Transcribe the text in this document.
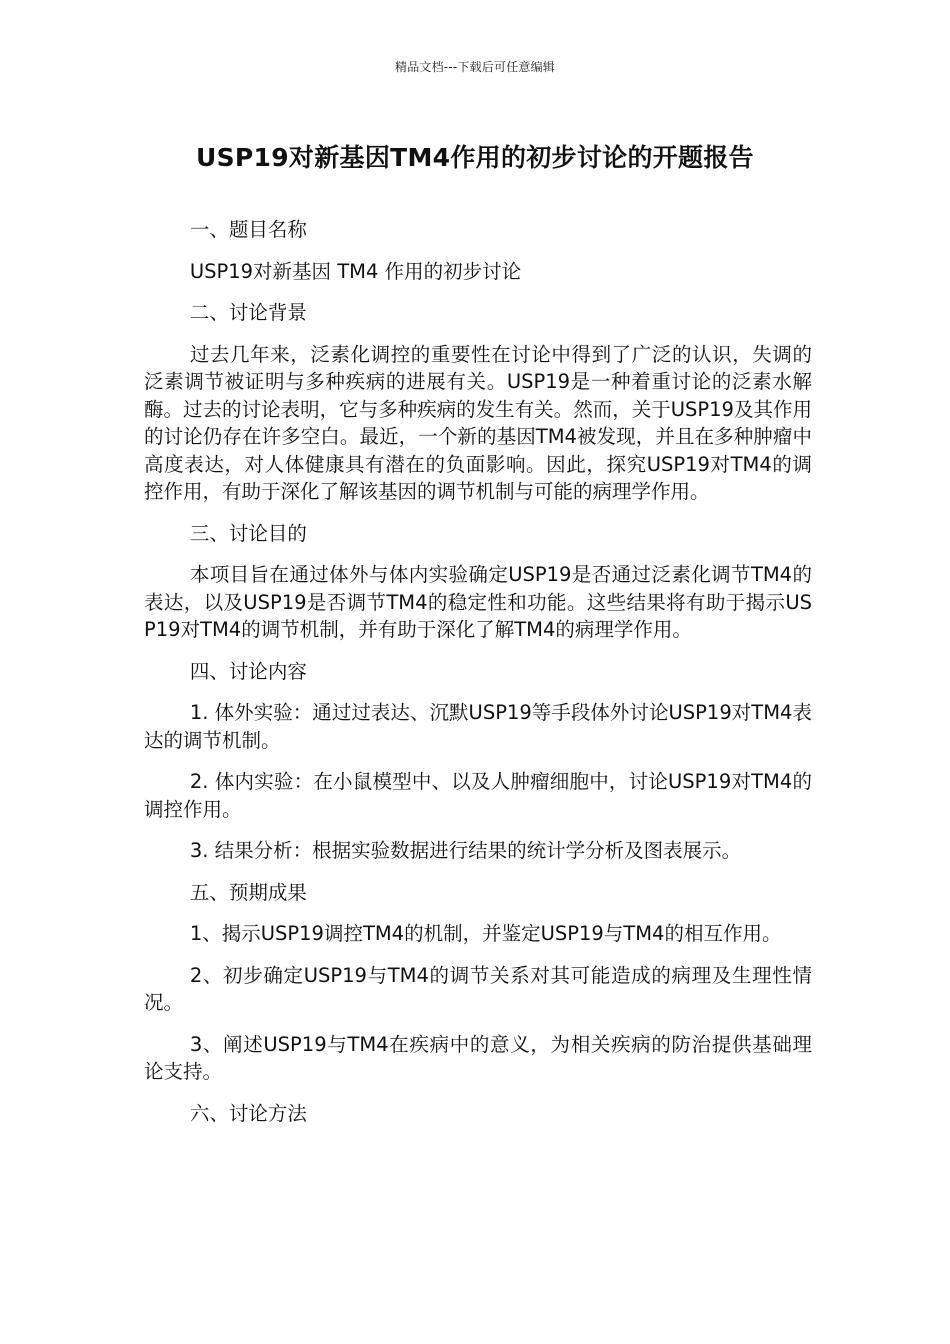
精品文档---下载后可任意编辑
USP19对新基因TM4作用的初步讨论的开题报告

一、题目名称

USP19对新基因 TM4 作用的初步讨论

二、讨论背景

过去几年来，泛素化调控的重要性在讨论中得到了广泛的认识，失调的泛素调节被证明与多种疾病的进展有关。USP19是一种着重讨论的泛素水解酶。过去的讨论表明，它与多种疾病的发生有关。然而，关于USP19及其作用的讨论仍存在许多空白。最近，一个新的基因TM4被发现，并且在多种肿瘤中高度表达，对人体健康具有潜在的负面影响。因此，探究USP19对TM4的调控作用，有助于深化了解该基因的调节机制与可能的病理学作用。

三、讨论目的

本项目旨在通过体外与体内实验确定USP19是否通过泛素化调节TM4的表达，以及USP19是否调节TM4的稳定性和功能。这些结果将有助于揭示USP19对TM4的调节机制，并有助于深化了解TM4的病理学作用。

四、讨论内容

1. 体外实验：通过过表达、沉默USP19等手段体外讨论USP19对TM4表达的调节机制。

2. 体内实验：在小鼠模型中、以及人肿瘤细胞中，讨论USP19对TM4的调控作用。

3. 结果分析：根据实验数据进行结果的统计学分析及图表展示。

五、预期成果

1、揭示USP19调控TM4的机制，并鉴定USP19与TM4的相互作用。

2、初步确定USP19与TM4的调节关系对其可能造成的病理及生理性情况。

3、阐述USP19与TM4在疾病中的意义，为相关疾病的防治提供基础理论支持。

六、讨论方法
